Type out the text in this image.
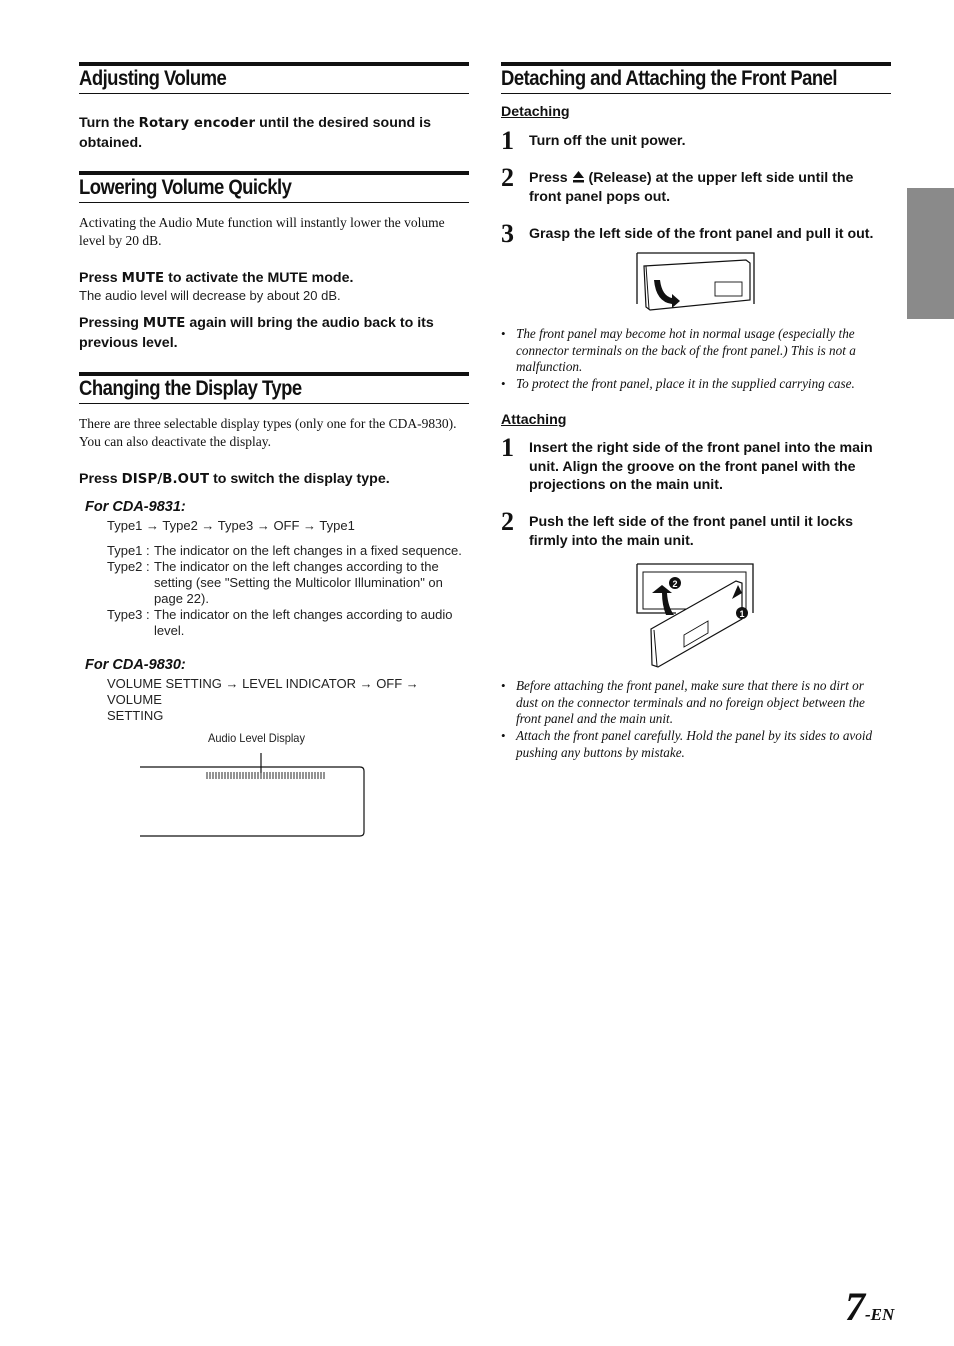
Adjusting Volume
Turn the Rotary encoder until the desired sound is
obtained.
Lowering Volume Quickly
Activating the Audio Mute function will instantly lower the volume
level by 20 dB.
Press MUTE to activate the MUTE mode.
The audio level will decrease by about 20 dB.
Pressing MUTE again will bring the audio back to its
previous level.
Changing the Display Type
There are three selectable display types (only one for the CDA-9830).
You can also deactivate the display.
Press DISP/B.OUT to switch the display type.
For CDA-9831:
Type1 → Type2 → Type3 → OFF → Type1
Type1 : The indicator on the left changes in a fixed sequence.
Type2 : The indicator on the left changes according to the
setting (see "Setting the Multicolor Illumination" on
page 22).
Type3 : The indicator on the left changes according to audio
level.
For CDA-9830:
VOLUME SETTING → LEVEL INDICATOR → OFF → VOLUME
SETTING
Audio Level Display
Detaching and Attaching the Front Panel
Detaching
1 Turn off the unit power.
2 Press  (Release) at the upper left side until the
front panel pops out.
3 Grasp the left side of the front panel and pull it out.
• The front panel may become hot in normal usage (especially the
connector terminals on the back of the front panel.) This is not a
malfunction.
• To protect the front panel, place it in the supplied carrying case.
Attaching
1 Insert the right side of the front panel into the main
unit. Align the groove on the front panel with the
projections on the main unit.
2 Push the left side of the front panel until it locks
firmly into the main unit.
2
1
• Before attaching the front panel, make sure that there is no dirt or
dust on the connector terminals and no foreign object between the
front panel and the main unit.
• Attach the front panel carefully. Hold the panel by its sides to avoid
pushing any buttons by mistake.
7-EN
